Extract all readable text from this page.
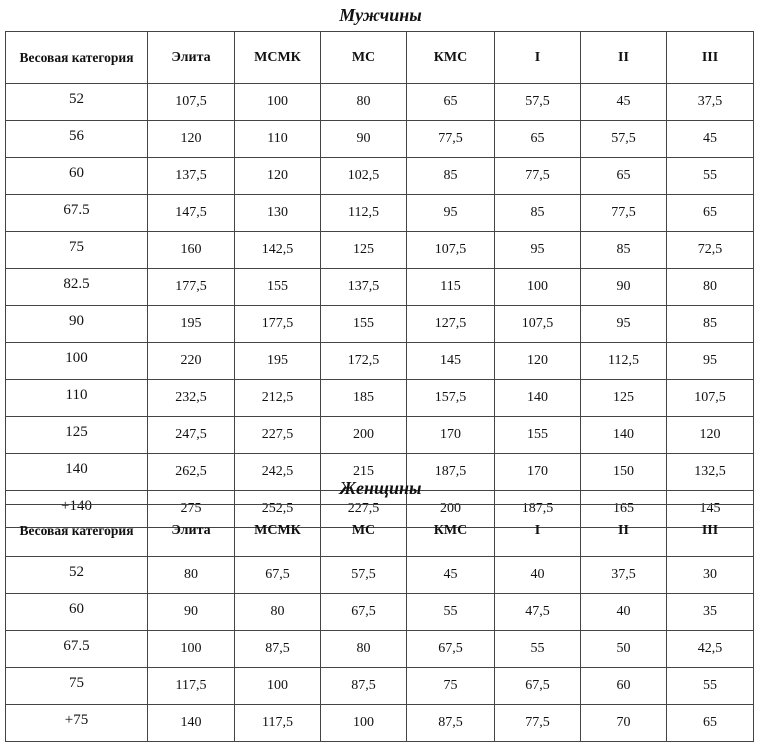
Мужчины
Весовая категория	Элита	МСМК	МС	КМС	I	II	III
52	107,5	100	80	65	57,5	45	37,5
56	120	110	90	77,5	65	57,5	45
60	137,5	120	102,5	85	77,5	65	55
67.5	147,5	130	112,5	95	85	77,5	65
75	160	142,5	125	107,5	95	85	72,5
82.5	177,5	155	137,5	115	100	90	80
90	195	177,5	155	127,5	107,5	95	85
100	220	195	172,5	145	120	112,5	95
110	232,5	212,5	185	157,5	140	125	107,5
125	247,5	227,5	200	170	155	140	120
140	262,5	242,5	215	187,5	170	150	132,5
+140	275	252,5	227,5	200	187,5	165	145
Женщины
Весовая категория	Элита	МСМК	МС	КМС	I	II	III
52	80	67,5	57,5	45	40	37,5	30
60	90	80	67,5	55	47,5	40	35
67.5	100	87,5	80	67,5	55	50	42,5
75	117,5	100	87,5	75	67,5	60	55
+75	140	117,5	100	87,5	77,5	70	65
